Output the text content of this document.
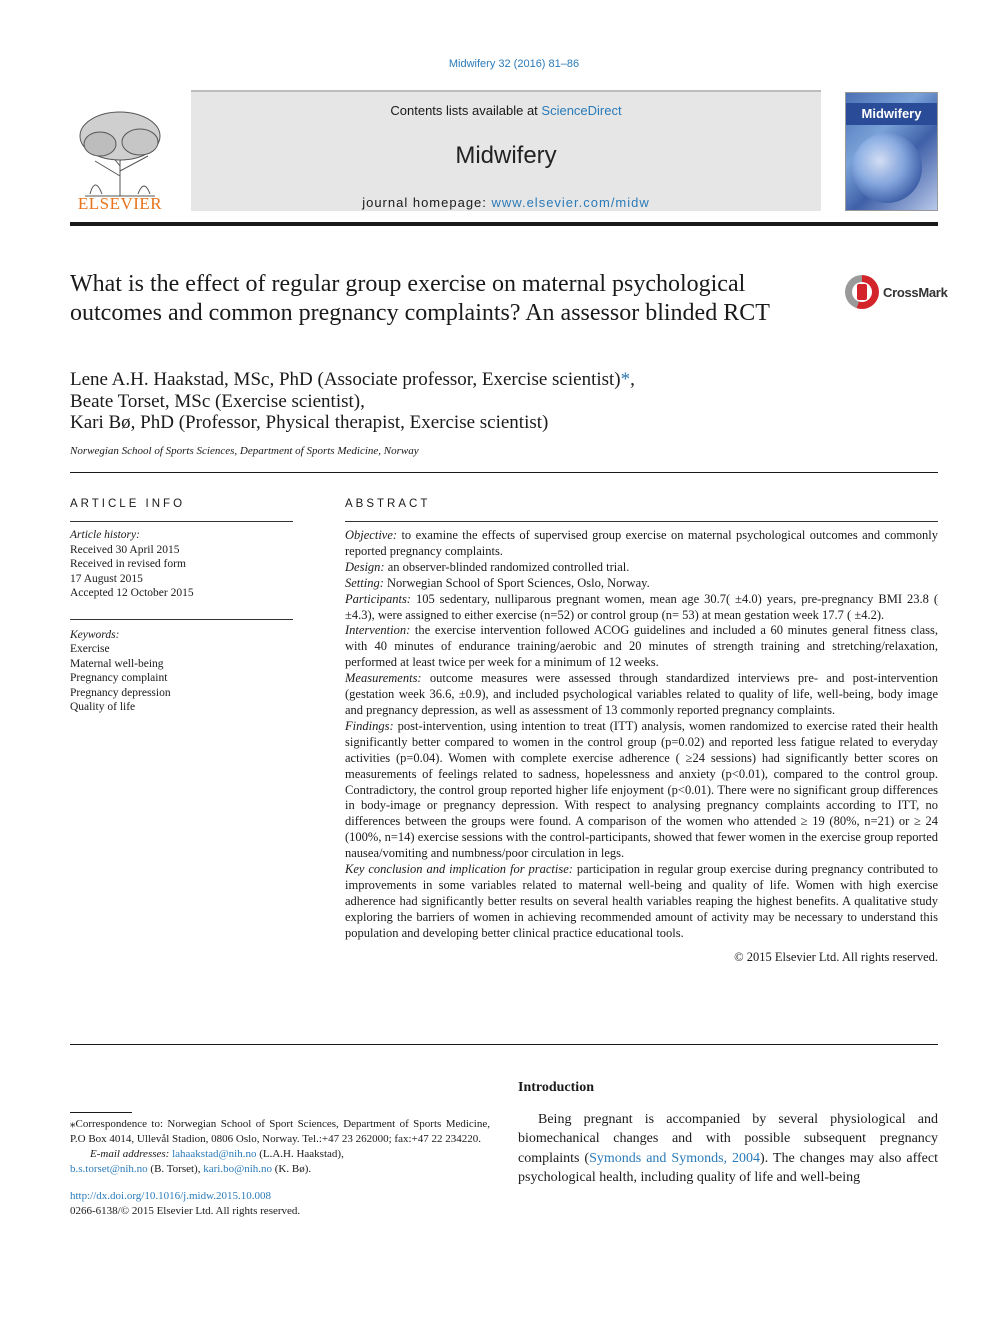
Midwifery 32 (2016) 81–86
ELSEVIER
Contents lists available at ScienceDirect
Midwifery
journal homepage: www.elsevier.com/midw
Midwifery
What is the effect of regular group exercise on maternal psychological outcomes and common pregnancy complaints? An assessor blinded RCT
CrossMark
Lene A.H. Haakstad, MSc, PhD (Associate professor, Exercise scientist)*,
Beate Torset, MSc (Exercise scientist),
Kari Bø, PhD (Professor, Physical therapist, Exercise scientist)
Norwegian School of Sports Sciences, Department of Sports Medicine, Norway
ARTICLE INFO
Article history:
Received 30 April 2015
Received in revised form
17 August 2015
Accepted 12 October 2015
Keywords:
Exercise
Maternal well-being
Pregnancy complaint
Pregnancy depression
Quality of life
ABSTRACT

Objective: to examine the effects of supervised group exercise on maternal psychological outcomes and commonly reported pregnancy complaints.

Design: an observer-blinded randomized controlled trial.

Setting: Norwegian School of Sport Sciences, Oslo, Norway.

Participants: 105 sedentary, nulliparous pregnant women, mean age 30.7( ±4.0) years, pre-pregnancy BMI 23.8 ( ±4.3), were assigned to either exercise (n=52) or control group (n= 53) at mean gestation week 17.7 ( ±4.2).

Intervention: the exercise intervention followed ACOG guidelines and included a 60 minutes general fitness class, with 40 minutes of endurance training/aerobic and 20 minutes of strength training and stretching/relaxation, performed at least twice per week for a minimum of 12 weeks.

Measurements: outcome measures were assessed through standardized interviews pre- and post-intervention (gestation week 36.6, ±0.9), and included psychological variables related to quality of life, well-being, body image and pregnancy depression, as well as assessment of 13 commonly reported pregnancy complaints.

Findings: post-intervention, using intention to treat (ITT) analysis, women randomized to exercise rated their health significantly better compared to women in the control group (p=0.02) and reported less fatigue related to everyday activities (p=0.04). Women with complete exercise adherence ( ≥24 sessions) had significantly better scores on measurements of feelings related to sadness, hopelessness and anxiety (p<0.01), compared to the control group. Contradictory, the control group reported higher life enjoyment (p<0.01). There were no significant group differences in body-image or pregnancy depression. With respect to analysing pregnancy complaints according to ITT, no differences between the groups were found. A comparison of the women who attended ≥ 19 (80%, n=21) or ≥ 24 (100%, n=14) exercise sessions with the control-participants, showed that fewer women in the exercise group reported nausea/vomiting and numbness/poor circulation in legs.

Key conclusion and implication for practise: participation in regular group exercise during pregnancy contributed to improvements in some variables related to maternal well-being and quality of life. Women with high exercise adherence had significantly better results on several health variables reaping the highest benefits. A qualitative study exploring the barriers of women in achieving recommended amount of activity may be necessary to understand this population and developing better clinical practice educational tools.

© 2015 Elsevier Ltd. All rights reserved.
⁎Correspondence to: Norwegian School of Sport Sciences, Department of Sports Medicine, P.O Box 4014, Ullevål Stadion, 0806 Oslo, Norway. Tel.:+47 23 262000; fax:+47 22 234220.
E-mail addresses: lahaakstad@nih.no (L.A.H. Haakstad),
b.s.torset@nih.no (B. Torset), kari.bo@nih.no (K. Bø).
http://dx.doi.org/10.1016/j.midw.2015.10.008
0266-6138/© 2015 Elsevier Ltd. All rights reserved.
Introduction
Being pregnant is accompanied by several physiological and biomechanical changes and with possible subsequent pregnancy complaints (Symonds and Symonds, 2004). The changes may also affect psychological health, including quality of life and well-being
